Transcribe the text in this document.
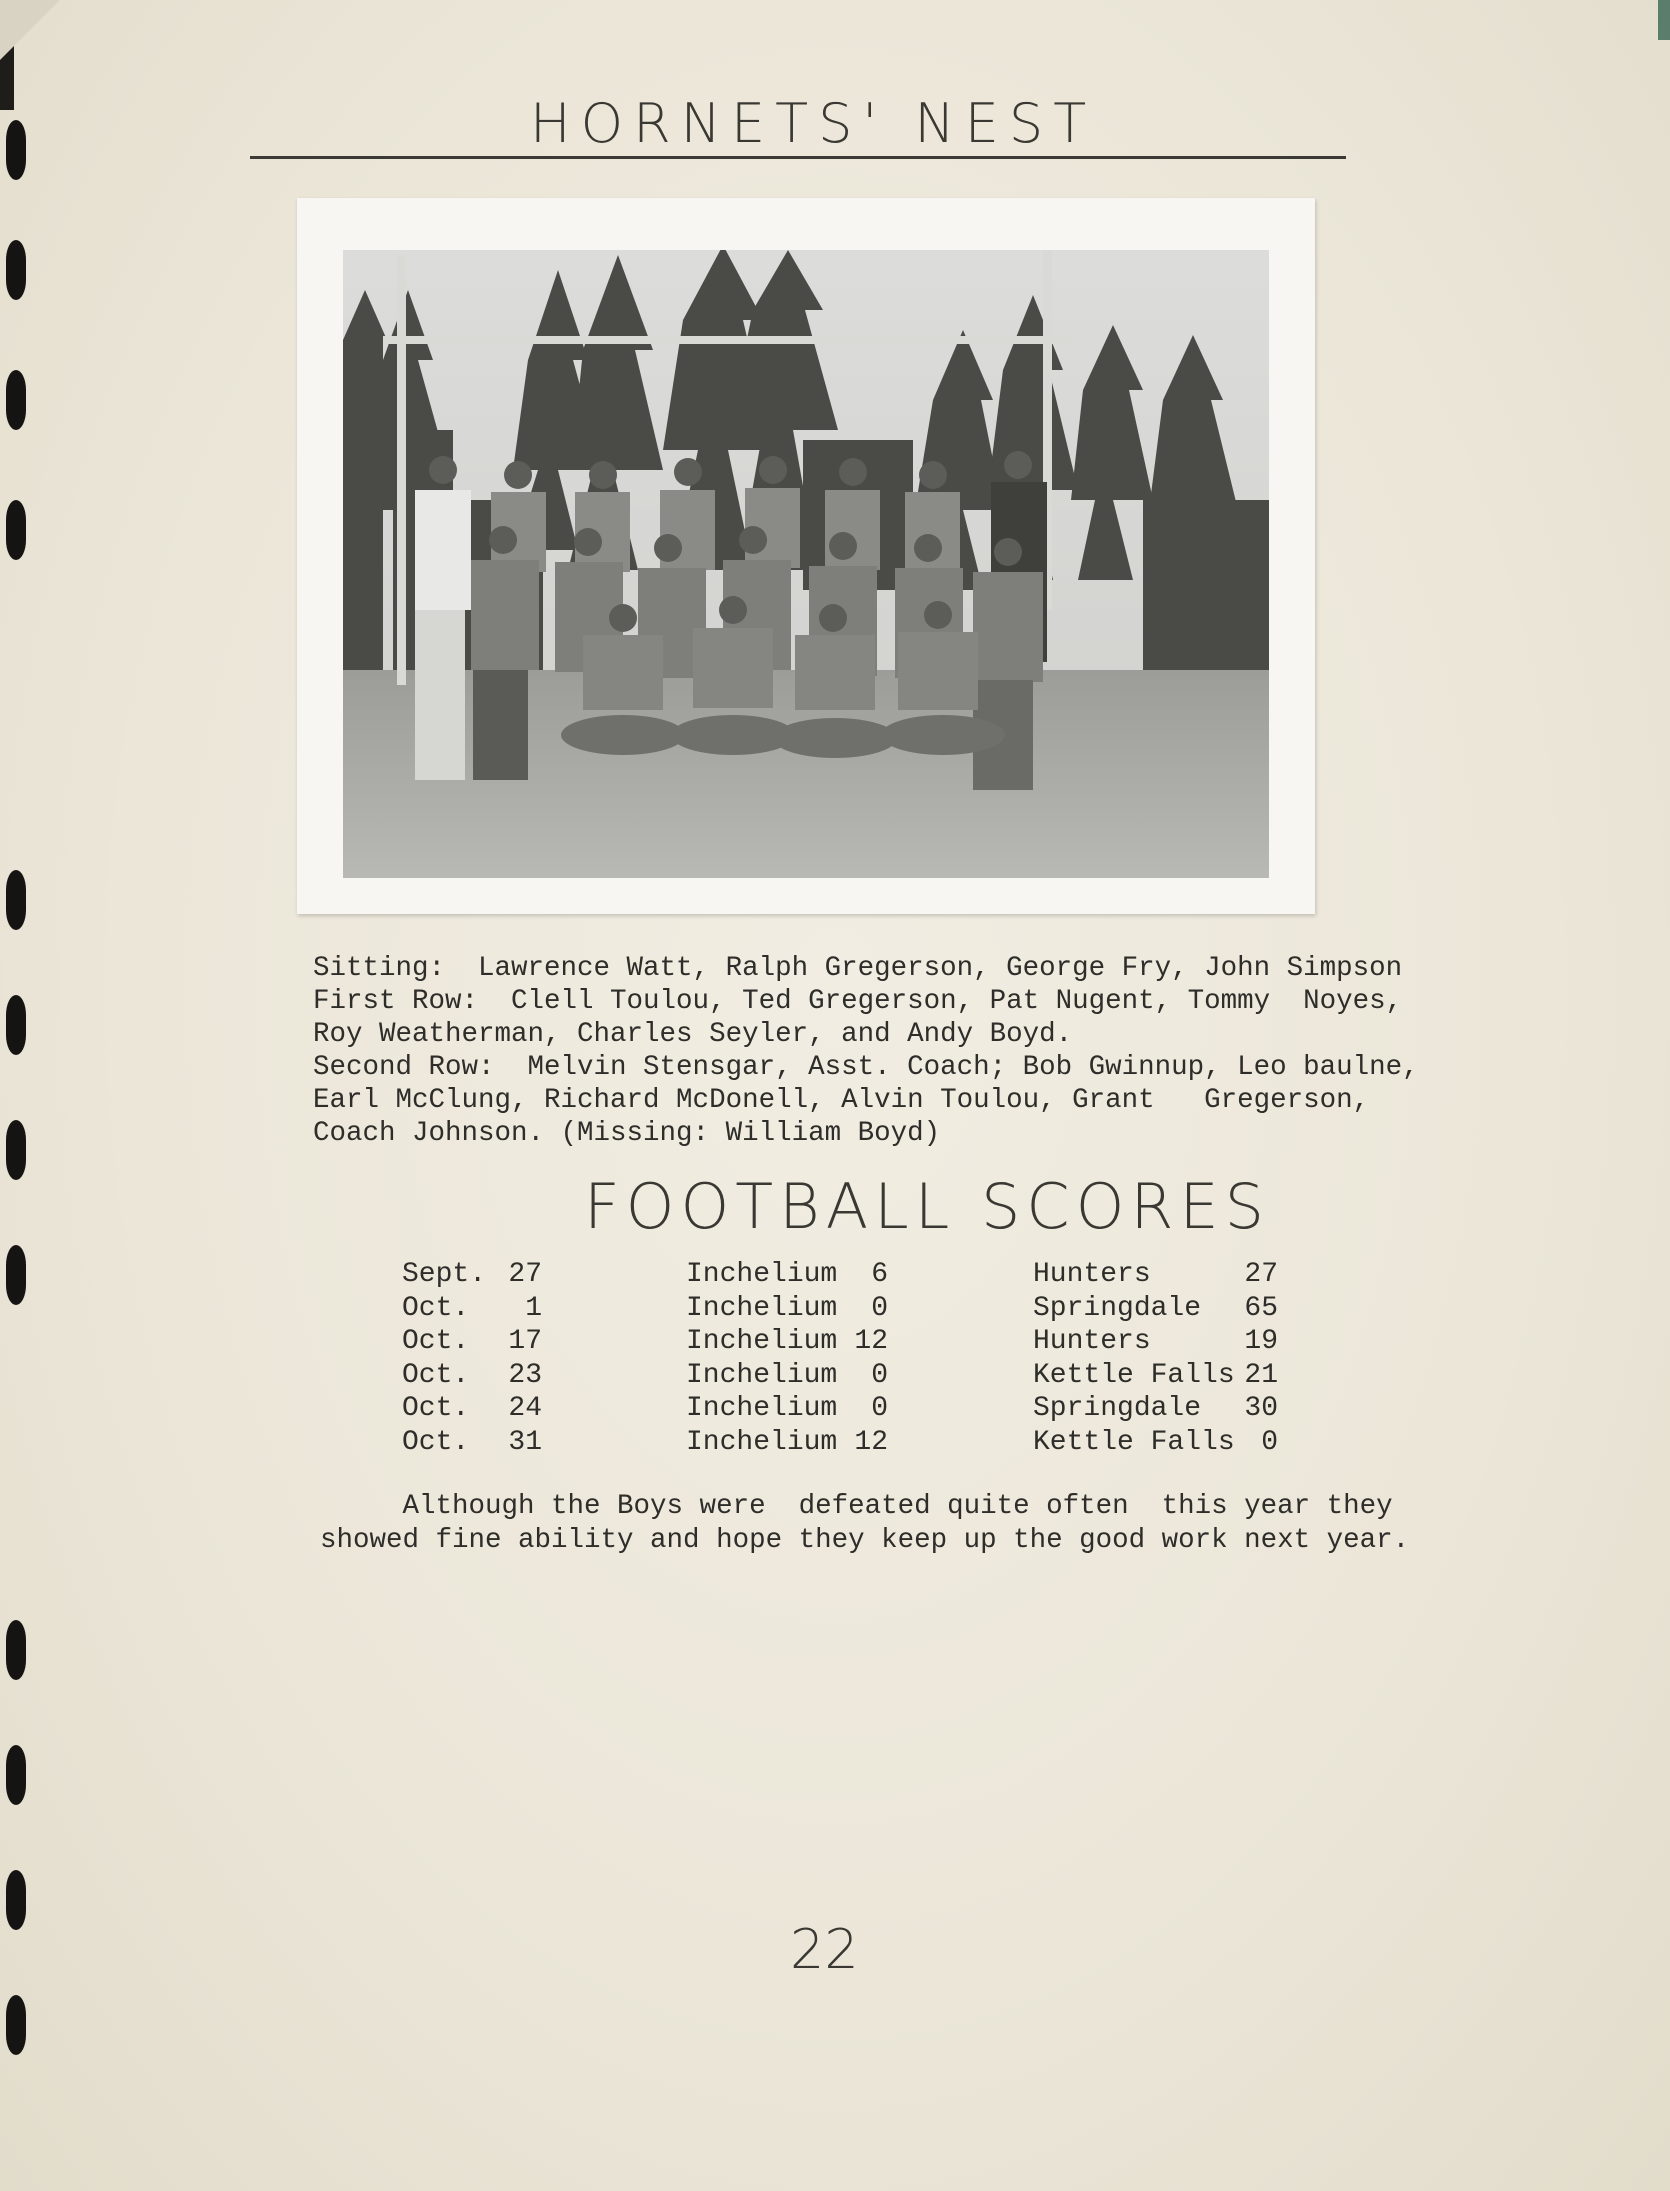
HORNETS' NEST
Sitting:  Lawrence Watt, Ralph Gregerson, George Fry, John Simpson
First Row:  Clell Toulou, Ted Gregerson, Pat Nugent, Tommy  Noyes,
Roy Weatherman, Charles Seyler, and Andy Boyd.
Second Row:  Melvin Stensgar, Asst. Coach; Bob Gwinnup, Leo baulne,
Earl McClung, Richard McDonell, Alvin Toulou, Grant   Gregerson,
Coach Johnson. (Missing: William Boyd)
FOOTBALL SCORES
Sept. 27	Inchelium	6	Hunters	27
Oct.	1	Inchelium	0	Springdale	65
Oct.	17	Inchelium 12	Hunters	19
Oct.	23	Inchelium	0	Kettle Falls 21
Oct.	24	Inchelium	0	Springdale	30
Oct.	31	Inchelium 12	Kettle Falls 0
Although the Boys were  defeated quite often  this year they
showed fine ability and hope they keep up the good work next year.
22
